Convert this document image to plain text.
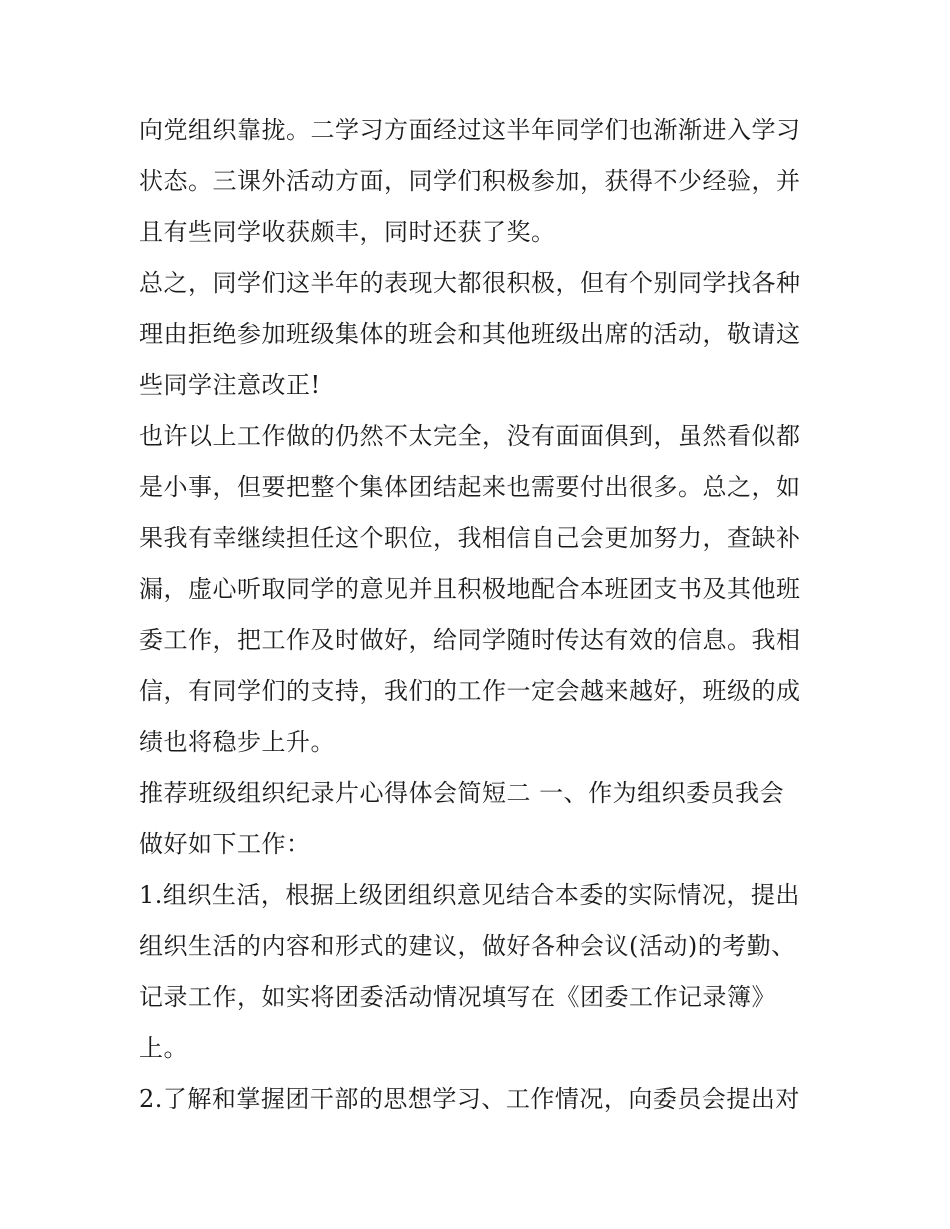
向党组织靠拢。二学习方面经过这半年同学们也渐渐进入学习
状态。三课外活动方面，同学们积极参加，获得不少经验，并
且有些同学收获颇丰，同时还获了奖。
总之，同学们这半年的表现大都很积极，但有个别同学找各种
理由拒绝参加班级集体的班会和其他班级出席的活动，敬请这
些同学注意改正!
也许以上工作做的仍然不太完全，没有面面俱到，虽然看似都
是小事，但要把整个集体团结起来也需要付出很多。总之，如
果我有幸继续担任这个职位，我相信自己会更加努力，查缺补
漏，虚心听取同学的意见并且积极地配合本班团支书及其他班
委工作，把工作及时做好，给同学随时传达有效的信息。我相
信，有同学们的支持，我们的工作一定会越来越好，班级的成
绩也将稳步上升。
推荐班级组织纪录片心得体会简短二 一、作为组织委员我会
做好如下工作：
1.组织生活，根据上级团组织意见结合本委的实际情况，提出
组织生活的内容和形式的建议，做好各种会议(活动)的考勤、
记录工作，如实将团委活动情况填写在《团委工作记录簿》
上。
2.了解和掌握团干部的思想学习、工作情况，向委员会提出对
